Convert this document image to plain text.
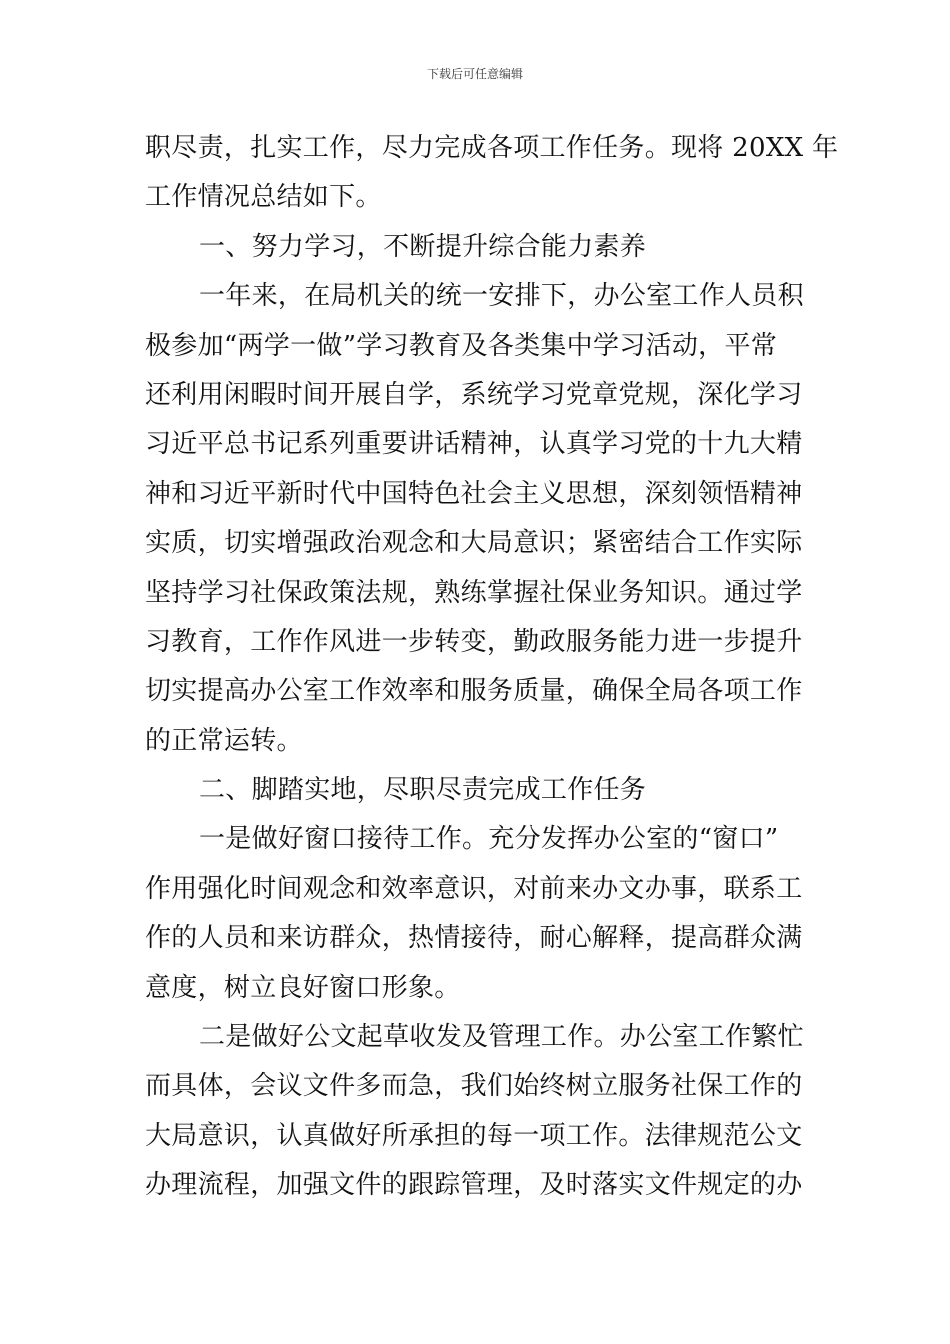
下载后可任意编辑
职尽责，扎实工作，尽力完成各项工作任务。现将 20XX 年
工作情况总结如下。
一、努力学习，不断提升综合能力素养
一年来，在局机关的统一安排下，办公室工作人员积
极参加“两学一做”学习教育及各类集中学习活动，平常
还利用闲暇时间开展自学，系统学习党章党规，深化学习
习近平总书记系列重要讲话精神，认真学习党的十九大精
神和习近平新时代中国特色社会主义思想，深刻领悟精神
实质，切实增强政治观念和大局意识；紧密结合工作实际
坚持学习社保政策法规，熟练掌握社保业务知识。通过学
习教育，工作作风进一步转变，勤政服务能力进一步提升
切实提高办公室工作效率和服务质量，确保全局各项工作
的正常运转。
二、脚踏实地，尽职尽责完成工作任务
一是做好窗口接待工作。充分发挥办公室的“窗口”
作用强化时间观念和效率意识，对前来办文办事，联系工
作的人员和来访群众，热情接待，耐心解释，提高群众满
意度，树立良好窗口形象。
二是做好公文起草收发及管理工作。办公室工作繁忙
而具体，会议文件多而急，我们始终树立服务社保工作的
大局意识，认真做好所承担的每一项工作。法律规范公文
办理流程，加强文件的跟踪管理，及时落实文件规定的办
